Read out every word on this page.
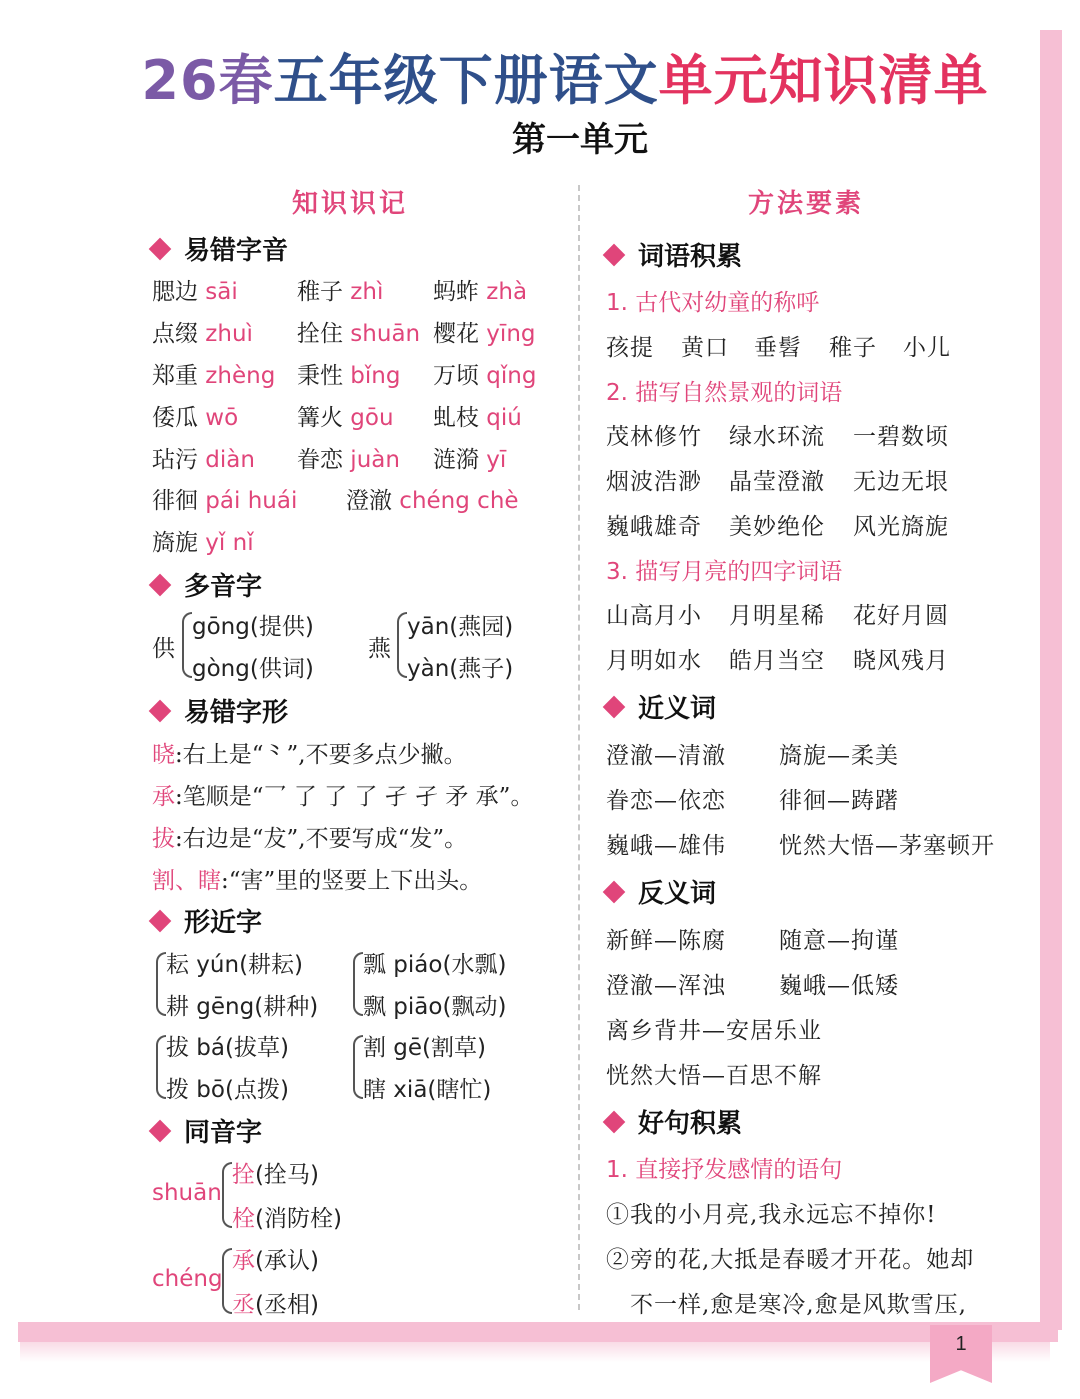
1
26春五年级下册语文单元知识清单
第一单元
知识识记
易错字音
腮边 sāi	稚子 zhì 蚂蚱 zhà
点缀 zhuì 拴住 shuān 樱花 yīng
郑重 zhèng 秉性 bǐng 万顷 qǐng
倭瓜 wō	篝火 gōu 虬枝 qiú
玷污 diàn 眷恋 juàn 涟漪 yī
徘徊 pái huái 澄澈 chéng chè
旖旎 yǐ nǐ
多音字
供
gōng(提供)
gòng(供词)
燕
yān(燕园)
yàn(燕子)
易错字形
晓:右上是“⺀”,不要多点少撇。
承:笔顺是“乛 了 了 了 孑 孑 矛 承”。
拔:右边是“犮”,不要写成“发”。
割、瞎:“害”里的竖要上下出头。
形近字
耘 yún(耕耘)
耕 gēng(耕种)
瓢 piáo(水瓢)
飘 piāo(飘动)
拔 bá(拔草)
拨 bō(点拨)
割 gē(割草)
瞎 xiā(瞎忙)
同音字
shuān
拴(拴马)
栓(消防栓)
chéng
承(承认)
丞(丞相)
方法要素
词语积累
1. 古代对幼童的称呼
孩提 黄口 垂髫 稚子 小儿
茂林修竹 绿水环流 一碧数顷
烟波浩渺 晶莹澄澈 无边无垠
巍峨雄奇 美妙绝伦 风光旖旎
山高月小 月明星稀 花好月圆
月明如水 皓月当空 晓风残月
2. 描写自然景观的词语
3. 描写月亮的四字词语
近义词
澄澈—清澈 旖旎—柔美
眷恋—依恋 徘徊—踌躇
巍峨—雄伟 恍然大悟—茅塞顿开
反义词
新鲜—陈腐 随意—拘谨
澄澈—浑浊 巍峨—低矮
离乡背井—安居乐业
恍然大悟—百思不解
好句积累
1. 直接抒发感情的语句
①我的小月亮,我永远忘不掉你!
②旁的花,大抵是春暖才开花。她却
不一样,愈是寒冷,愈是风欺雪压,
